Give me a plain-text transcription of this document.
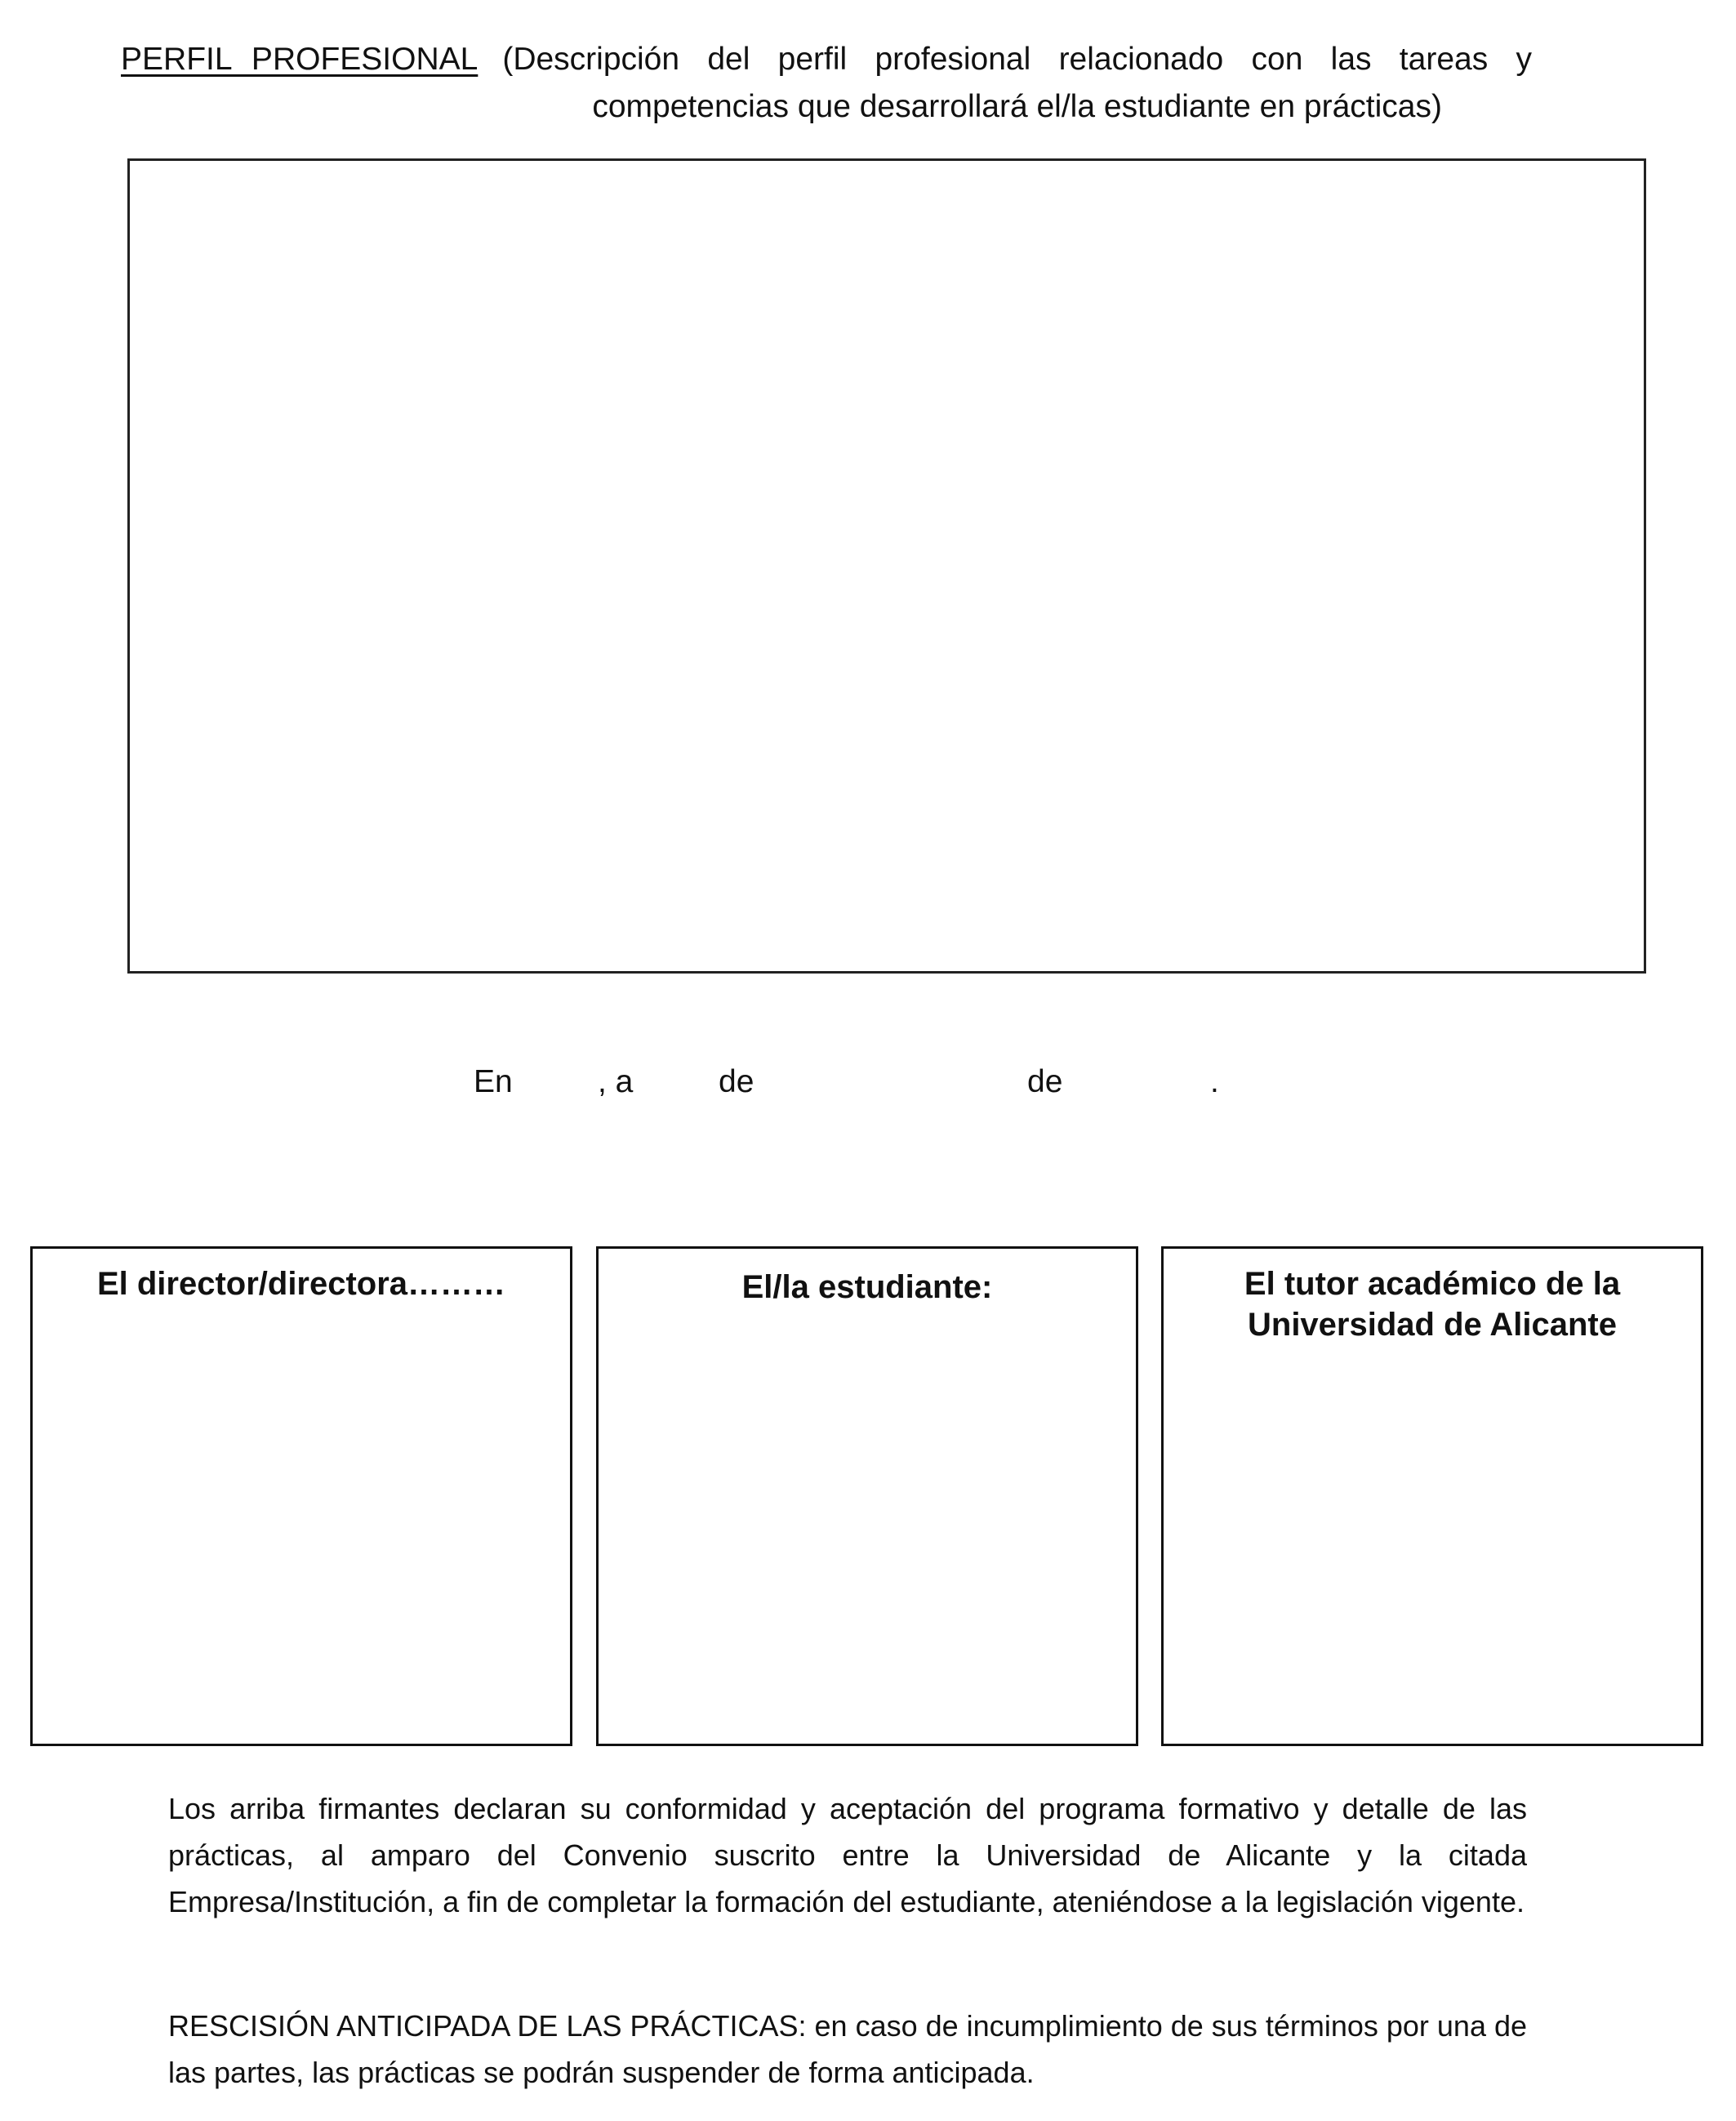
PERFIL PROFESIONAL (Descripción del perfil profesional relacionado con las tareas y competencias que desarrollará el/la estudiante en prácticas)
En	, a	de	de	.
El director/directora………	El/la estudiante:	El tutor académico de la Universidad de Alicante

Los arriba firmantes declaran su conformidad y aceptación del programa formativo y detalle de las prácticas, al amparo del Convenio suscrito entre la Universidad de Alicante y la citada Empresa/Institución, a fin de completar la formación del estudiante, ateniéndose a la legislación vigente.

RESCISIÓN ANTICIPADA DE LAS PRÁCTICAS: en caso de incumplimiento de sus términos por una de las partes, las prácticas se podrán suspender de forma anticipada.
